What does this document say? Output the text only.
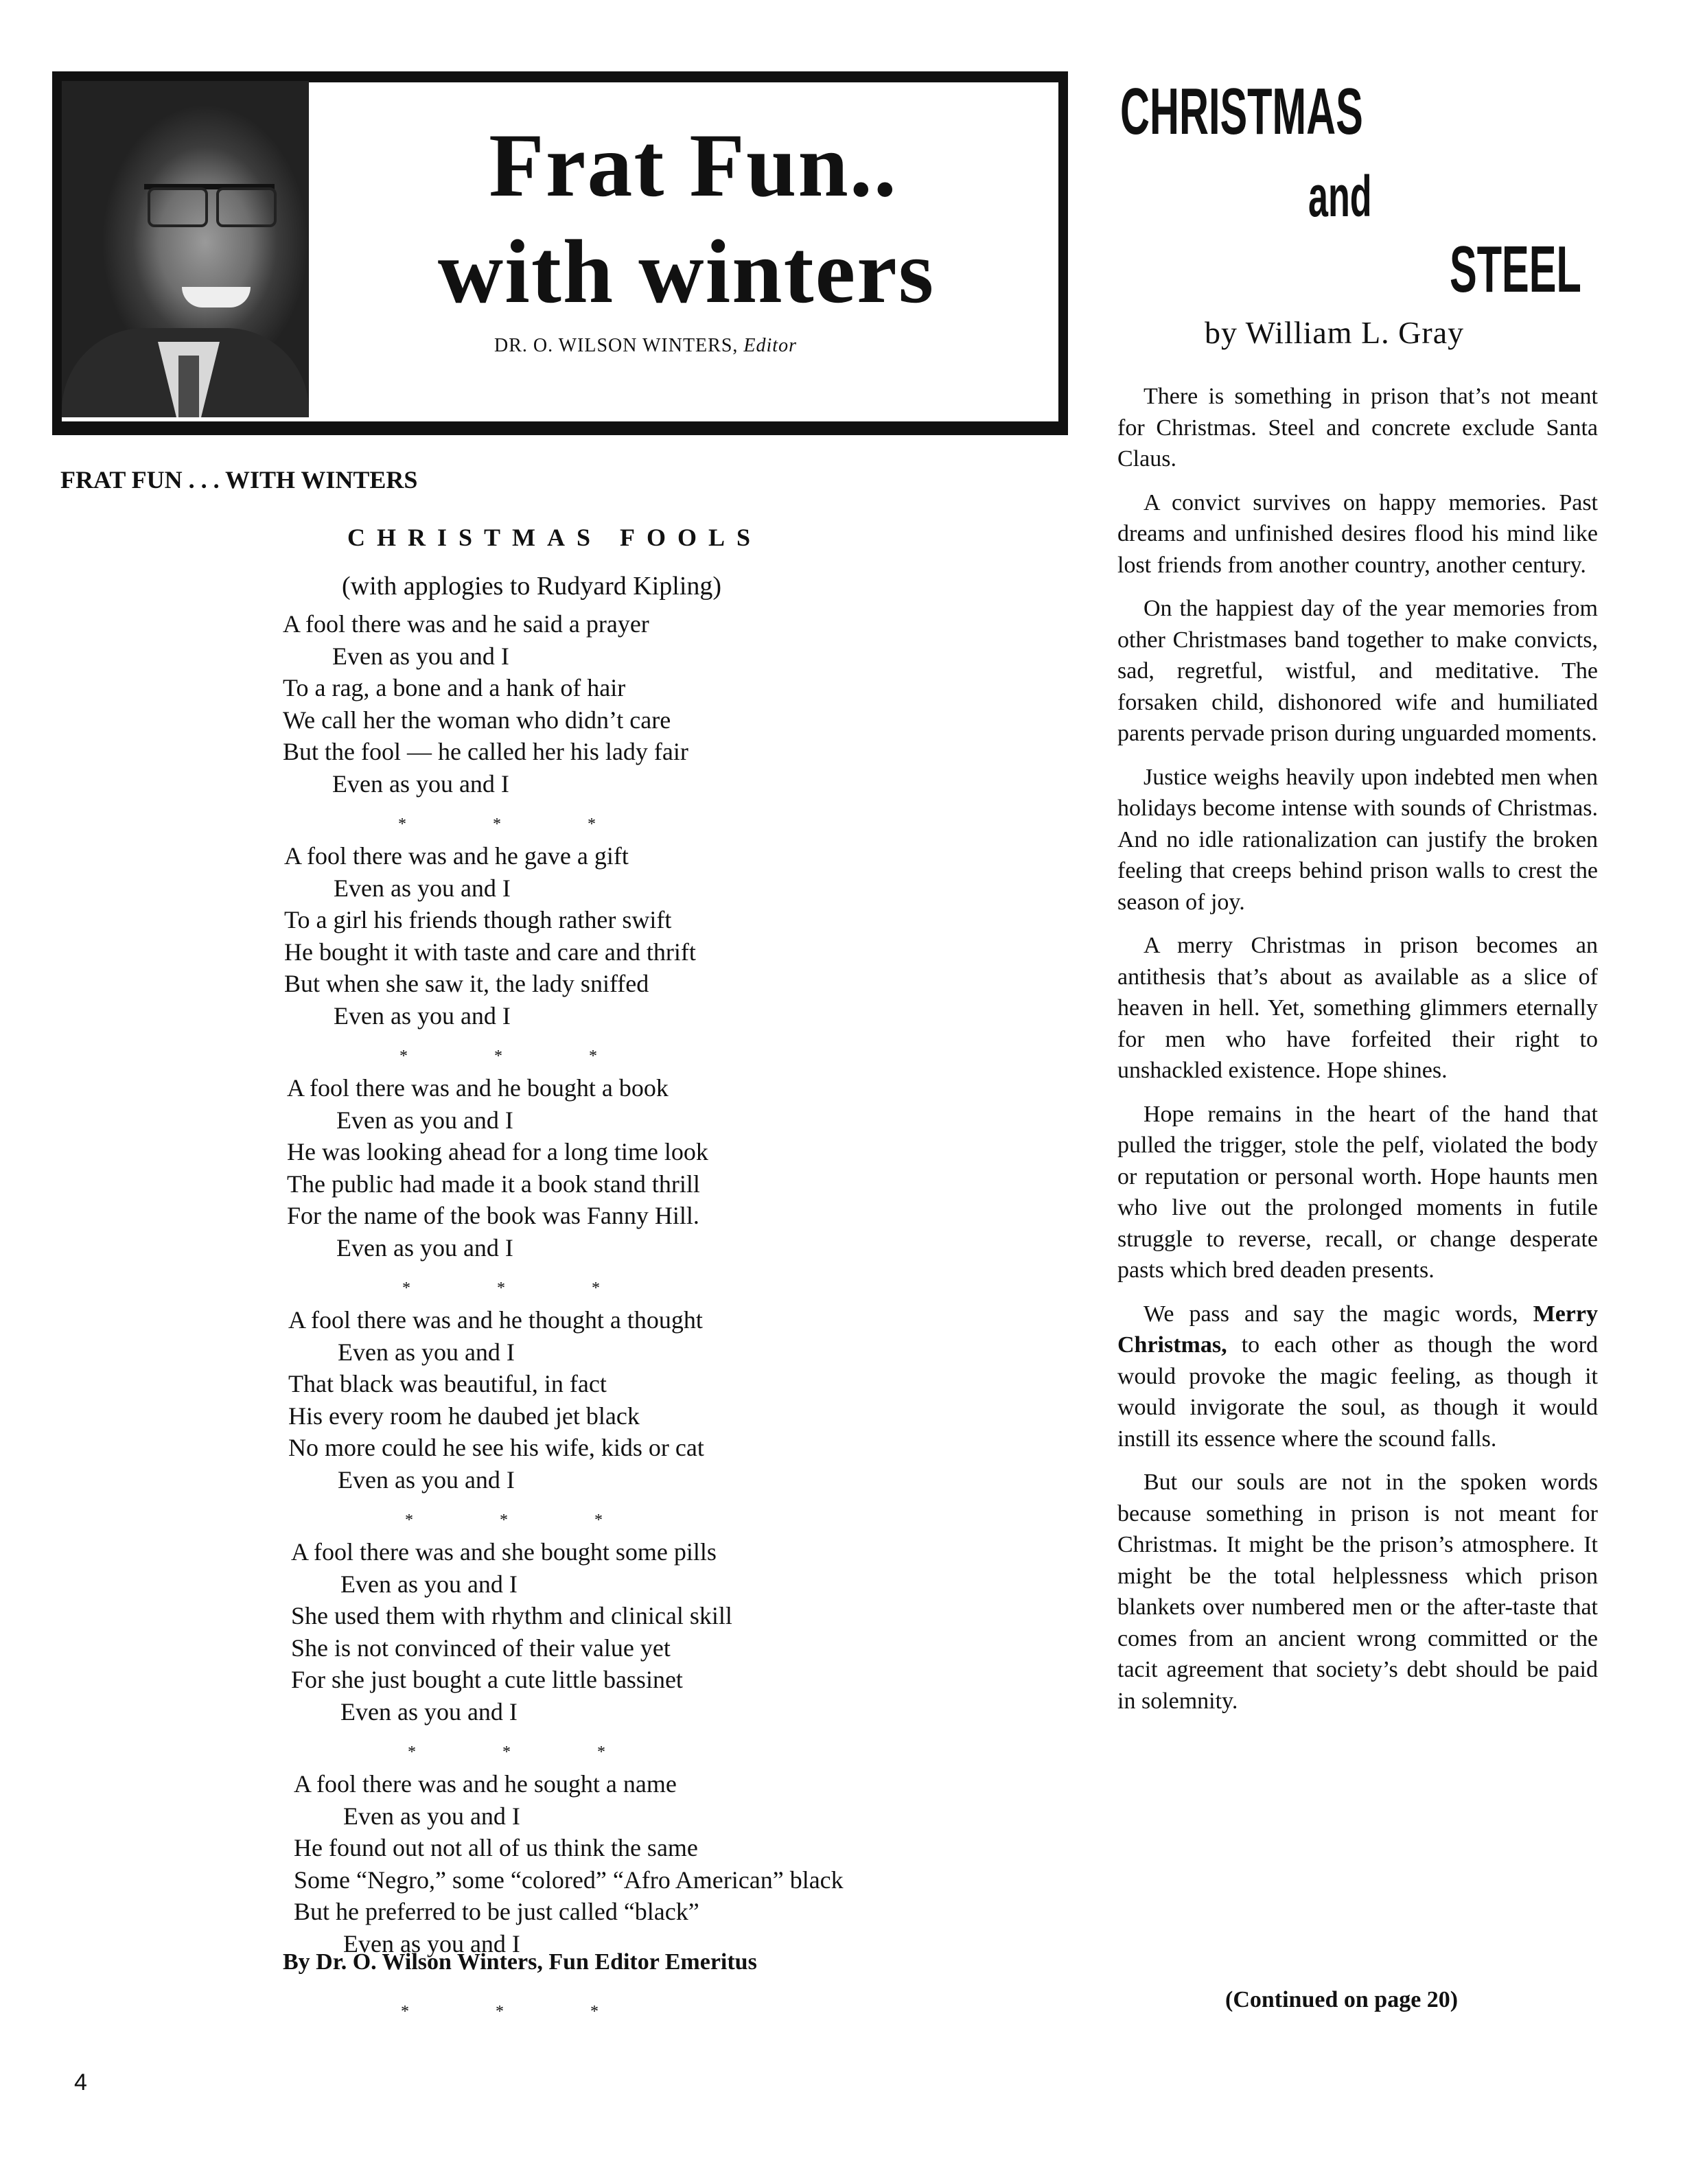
Frat Fun..
with winters
DR. O. WILSON WINTERS, Editor
FRAT FUN . . . WITH WINTERS
CHRISTMAS FOOLS
(with applogies to Rudyard Kipling)
A fool there was and he said a prayer
Even as you and I
To a rag, a bone and a hank of hair
We call her the woman who didn’t care
But the fool — he called her his lady fair
Even as you and I
A fool there was and he gave a gift
Even as you and I
To a girl his friends though rather swift
He bought it with taste and care and thrift
But when she saw it, the lady sniffed
Even as you and I
A fool there was and he bought a book
Even as you and I
He was looking ahead for a long time look
The public had made it a book stand thrill
For the name of the book was Fanny Hill.
Even as you and I
A fool there was and he thought a thought
Even as you and I
That black was beautiful, in fact
His every room he daubed jet black
No more could he see his wife, kids or cat
Even as you and I
A fool there was and she bought some pills
Even as you and I
She used them with rhythm and clinical skill
She is not convinced of their value yet
For she just bought a cute little bassinet
Even as you and I
A fool there was and he sought a name
Even as you and I
He found out not all of us think the same
Some “Negro,” some “colored” “Afro American” black
But he preferred to be just called “black”
Even as you and I
* * *
* * *
* * *
* * *
* * *
* * *
By Dr. O. Wilson Winters, Fun Editor Emeritus
4
CHRISTMAS
and
STEEL
by William L. Gray

There is something in prison that’s not meant for Christmas. Steel and concrete exclude Santa Claus.

A convict survives on happy memories. Past dreams and unfinished desires flood his mind like lost friends from another country, another century.

On the happiest day of the year memories from other Christmases band together to make convicts, sad, regretful, wistful, and meditative. The forsaken child, dishonored wife and humiliated parents pervade prison during unguarded moments.

Justice weighs heavily upon indebted men when holidays become intense with sounds of Christmas. And no idle rationalization can justify the broken feeling that creeps behind prison walls to crest the season of joy.

A merry Christmas in prison becomes an antithesis that’s about as available as a slice of heaven in hell. Yet, something glimmers eternally for men who have forfeited their right to unshackled existence. Hope shines.

Hope remains in the heart of the hand that pulled the trigger, stole the pelf, violated the body or reputation or personal worth. Hope haunts men who live out the prolonged moments in futile struggle to reverse, recall, or change desperate pasts which bred deaden presents.

We pass and say the magic words, Merry Christmas, to each other as though the word would provoke the magic feeling, as though it would invigorate the soul, as though it would instill its essence where the scound falls.

But our souls are not in the spoken words because something in prison is not meant for Christmas. It might be the prison’s atmosphere. It might be the total helplessness which prison blankets over numbered men or the after-taste that comes from an ancient wrong committed or the tacit agreement that society’s debt should be paid in solemnity.

(Continued on page 20)
